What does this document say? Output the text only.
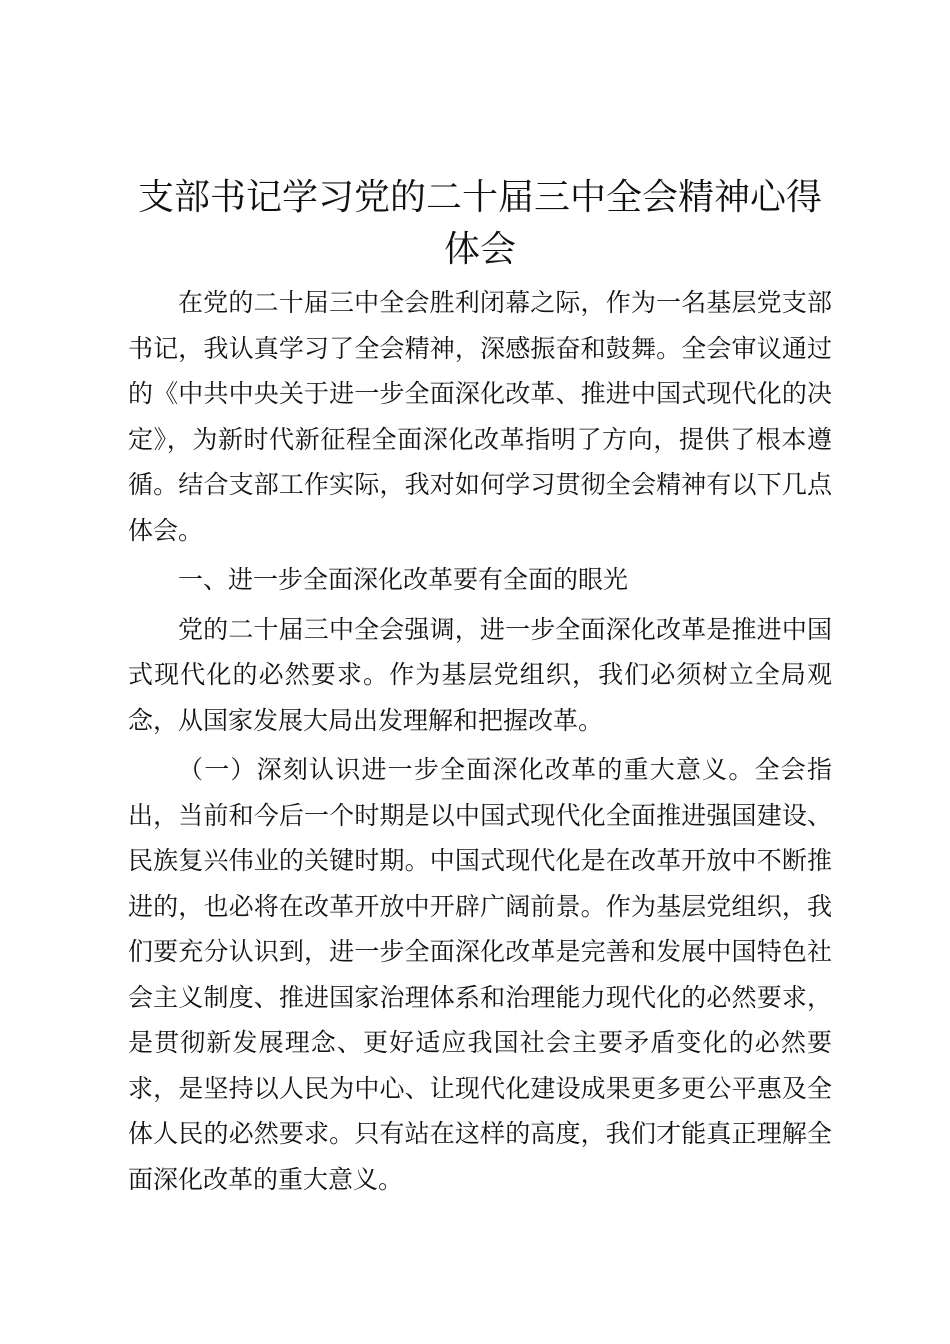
支部书记学习党的二十届三中全会精神心得体会

在党的二十届三中全会胜利闭幕之际，作为一名基层党支部书记，我认真学习了全会精神，深感振奋和鼓舞。全会审议通过的《中共中央关于进一步全面深化改革、推进中国式现代化的决定》，为新时代新征程全面深化改革指明了方向，提供了根本遵循。结合支部工作实际，我对如何学习贯彻全会精神有以下几点体会。

一、进一步全面深化改革要有全面的眼光

党的二十届三中全会强调，进一步全面深化改革是推进中国式现代化的必然要求。作为基层党组织，我们必须树立全局观念，从国家发展大局出发理解和把握改革。

（一）深刻认识进一步全面深化改革的重大意义。全会指出，当前和今后一个时期是以中国式现代化全面推进强国建设、民族复兴伟业的关键时期。中国式现代化是在改革开放中不断推进的，也必将在改革开放中开辟广阔前景。作为基层党组织，我们要充分认识到，进一步全面深化改革是完善和发展中国特色社会主义制度、推进国家治理体系和治理能力现代化的必然要求，是贯彻新发展理念、更好适应我国社会主要矛盾变化的必然要求，是坚持以人民为中心、让现代化建设成果更多更公平惠及全体人民的必然要求。只有站在这样的高度，我们才能真正理解全面深化改革的重大意义。
